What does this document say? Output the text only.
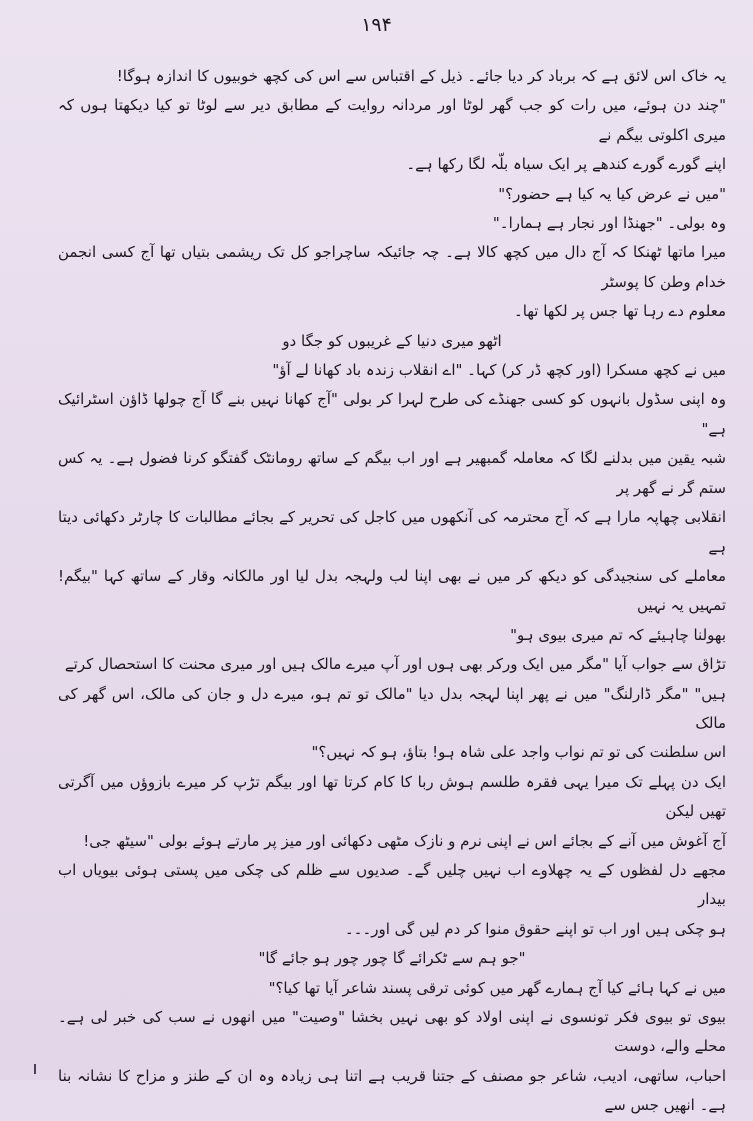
۱۹۴

یہ خاک اس لائق ہے کہ برباد کر دیا جائے۔ ذیل کے اقتباس سے اس کی کچھ خوبیوں کا اندازہ ہوگا!

"چند دن ہوئے، میں رات کو جب گھر لوٹا اور مردانہ روایت کے مطابق دیر سے لوٹا تو کیا دیکھتا ہوں کہ میری اکلوتی بیگم نے

اپنے گورے گورے کندھے پر ایک سیاہ بلّہ لگا رکھا ہے۔

"میں نے عرض کیا یہ کیا ہے حضور؟"

وہ بولی۔ "جھنڈا اور نجار ہے ہمارا۔"

میرا ماتھا ٹھنکا کہ آج دال میں کچھ کالا ہے۔ چہ جائیکہ ساچراجو کل تک ریشمی بتیاں تھا آج کسی انجمن خدام وطن کا پوسٹر

معلوم دے رہا تھا جس پر لکھا تھا۔

اٹھو میری دنیا کے غریبوں کو جگا دو

میں نے کچھ مسکرا (اور کچھ ڈر کر) کہا۔ "اے انقلاب زندہ باد کھانا لے آؤ"

وہ اپنی سڈول بانہوں کو کسی جھنڈے کی طرح لہرا کر بولی "آج کھانا نہیں بنے گا آج چولھا ڈاؤن اسٹرائیک ہے"

شبہ یقین میں بدلنے لگا کہ معاملہ گمبھیر ہے اور اب بیگم کے ساتھ رومانٹک گفتگو کرنا فضول ہے۔ یہ کس ستم گر نے گھر پر

انقلابی چھاپہ مارا ہے کہ آج محترمہ کی آنکھوں میں کاجل کی تحریر کے بجائے مطالبات کا چارٹر دکھائی دیتا ہے

معاملے کی سنجیدگی کو دیکھ کر میں نے بھی اپنا لب ولہجہ بدل لیا اور مالکانہ وقار کے ساتھ کہا "بیگم! تمہیں یہ نہیں

بھولنا چاہیئے کہ تم میری بیوی ہو"

تڑاق سے جواب آیا "مگر میں ایک ورکر بھی ہوں اور آپ میرے مالک ہیں اور میری محنت کا استحصال کرتے

ہیں" "مگر ڈارلنگ" میں نے پھر اپنا لہجہ بدل دیا "مالک تو تم ہو، میرے دل و جان کی مالک، اس گھر کی مالک

اس سلطنت کی تو تم نواب واجد علی شاہ ہو! بتاؤ، ہو کہ نہیں؟"

ایک دن پہلے تک میرا یہی فقرہ طلسم ہوش ربا کا کام کرتا تھا اور بیگم تڑپ کر میرے بازوؤں میں آگرتی تھیں لیکن

آج آغوش میں آنے کے بجائے اس نے اپنی نرم و نازک مٹھی دکھائی اور میز پر مارتے ہوئے بولی "سیٹھ جی!

مجھے دل لفظوں کے یہ چھلاوے اب نہیں چلیں گے۔ صدیوں سے ظلم کی چکی میں پستی ہوئی بیویاں اب بیدار

ہو چکی ہیں اور اب تو اپنے حقوق منوا کر دم لیں گی اور۔۔۔

"جو ہم سے ٹکرائے گا چور چور ہو جائے گا"

میں نے کہا ہائے کیا آج ہمارے گھر میں کوئی ترقی پسند شاعر آیا تھا کیا؟"

بیوی تو بیوی فکر تونسوی نے اپنی اولاد کو بھی نہیں بخشا "وصیت" میں انھوں نے سب کی خبر لی ہے۔ محلے والے، دوست

احباب، ساتھی، ادیب، شاعر جو مصنف کے جتنا قریب ہے اتنا ہی زیادہ وہ ان کے طنز و مزاح کا نشانہ بنا ہے۔ انھیں جس سے
